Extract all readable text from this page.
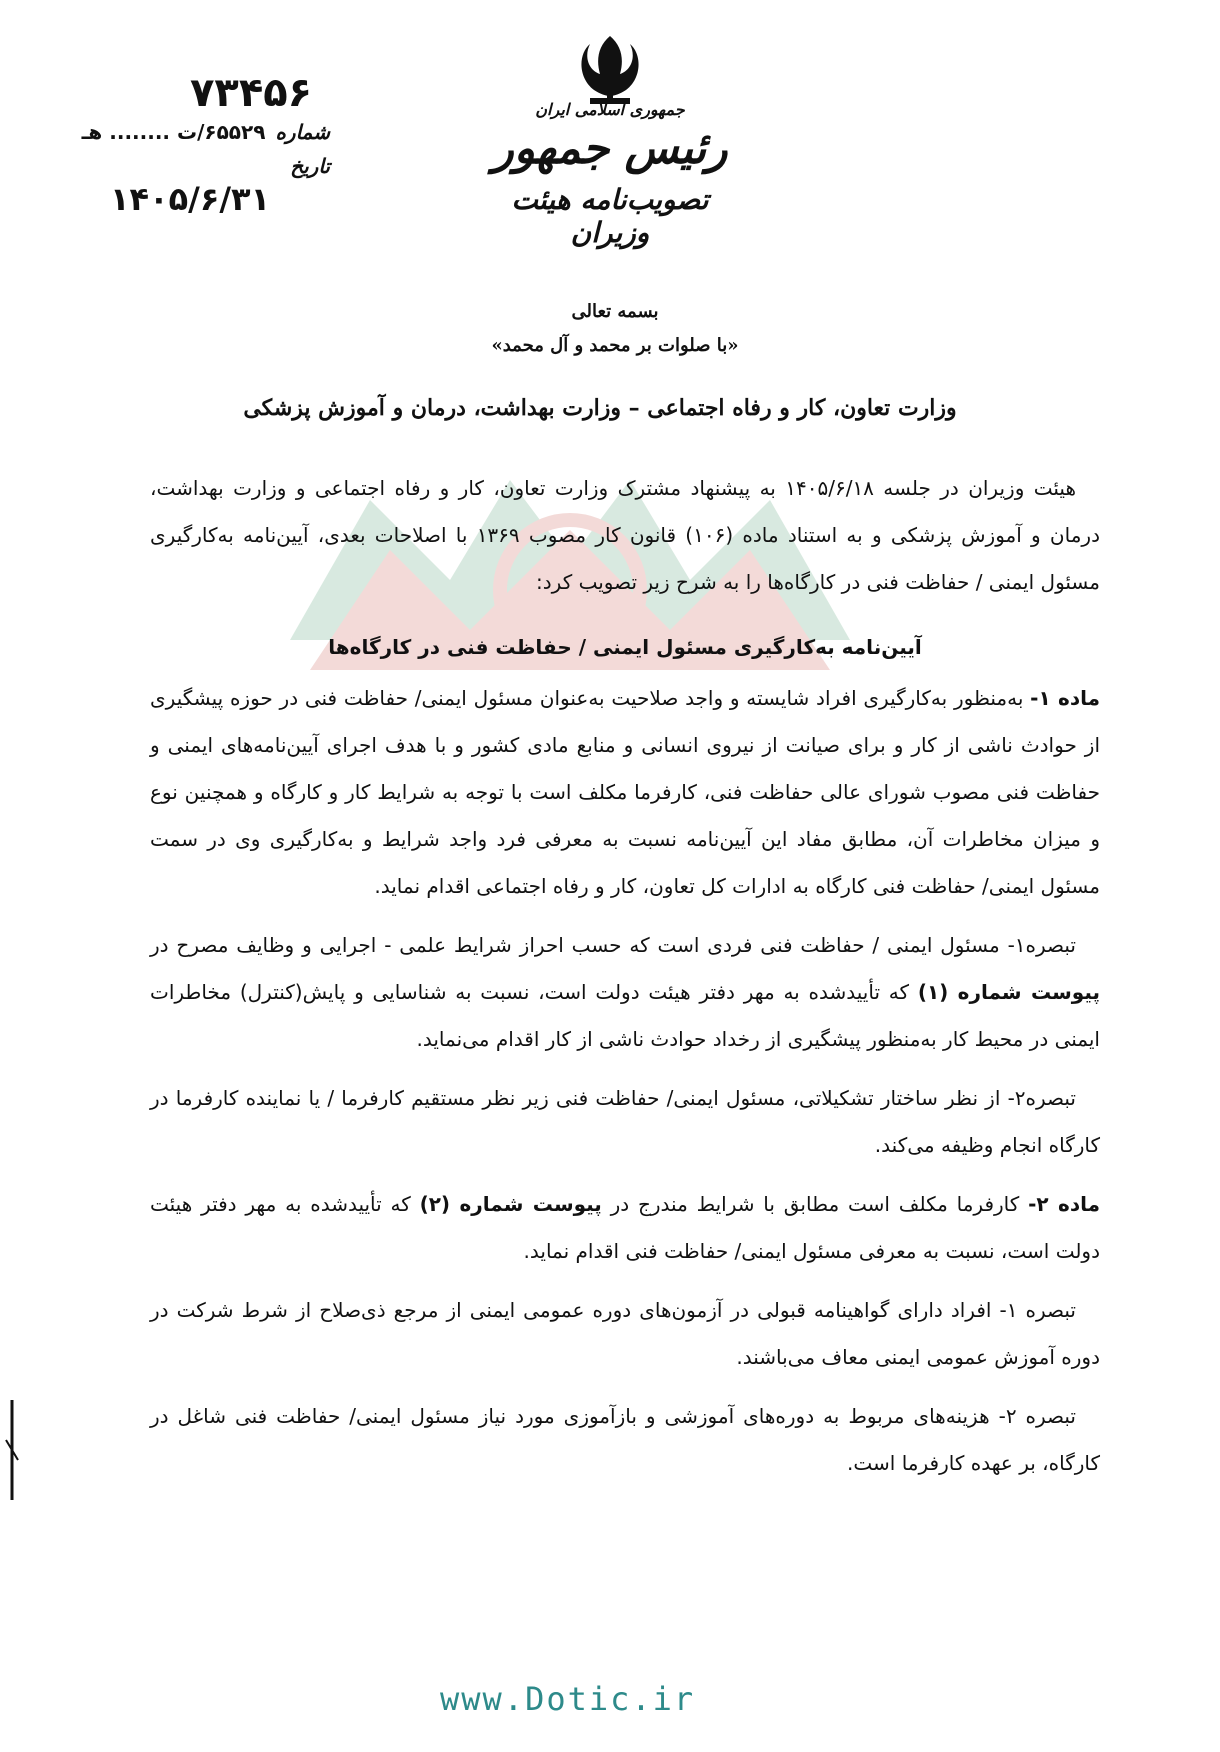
۷۳۴۵۶
شماره
۶۵۵۲۹/ت ........ هـ
تاریخ
۱۴۰۵/۶/۳۱
جمهوری اسلامی ایران
رئیس جمهور
تصویب‌نامه هیئت وزیران
بسمه تعالی
«با صلوات بر محمد و آل محمد»
وزارت تعاون، کار و رفاه اجتماعی – وزارت بهداشت، درمان و آموزش پزشکی

هیئت وزیران در جلسه ۱۴۰۵/۶/۱۸ به پیشنهاد مشترک وزارت تعاون، کار و رفاه اجتماعی و وزارت بهداشت، درمان و آموزش پزشکی و به استناد ماده (۱۰۶) قانون کار مصوب ۱۳۶۹ با اصلاحات بعدی، آیین‌نامه به‌کارگیری مسئول ایمنی / حفاظت فنی در کارگاه‌ها را به شرح زیر تصویب کرد:

آیین‌نامه به‌کارگیری مسئول ایمنی / حفاظت فنی در کارگاه‌ها

ماده ۱- به‌منظور به‌کارگیری افراد شایسته و واجد صلاحیت به‌عنوان مسئول ایمنی/ حفاظت فنی در حوزه پیشگیری از حوادث ناشی از کار و برای صیانت از نیروی انسانی و منابع مادی کشور و با هدف اجرای آیین‌نامه‌های ایمنی و حفاظت فنی مصوب شورای عالی حفاظت فنی، کارفرما مکلف است با توجه به شرایط کار و کارگاه و همچنین نوع و میزان مخاطرات آن، مطابق مفاد این آیین‌نامه نسبت به معرفی فرد واجد شرایط و به‌کارگیری وی در سمت مسئول ایمنی/ حفاظت فنی کارگاه به ادارات کل تعاون، کار و رفاه اجتماعی اقدام نماید.

تبصره۱- مسئول ایمنی / حفاظت فنی فردی است که حسب احراز شرایط علمی - اجرایی و وظایف مصرح در پیوست شماره (۱) که تأییدشده به مهر دفتر هیئت دولت است، نسبت به شناسایی و پایش(کنترل) مخاطرات ایمنی در محیط کار به‌منظور پیشگیری از رخداد حوادث ناشی از کار اقدام می‌نماید.

تبصره۲- از نظر ساختار تشکیلاتی، مسئول ایمنی/ حفاظت فنی زیر نظر مستقیم کارفرما / یا نماینده کارفرما در کارگاه انجام وظیفه می‌کند.

ماده ۲- کارفرما مکلف است مطابق با شرایط مندرج در پیوست شماره (۲) که تأییدشده به مهر دفتر هیئت دولت است، نسبت به معرفی مسئول ایمنی/ حفاظت فنی اقدام نماید.

تبصره ۱- افراد دارای گواهینامه قبولی در آزمون‌های دوره عمومی ایمنی از مرجع ذی‌صلاح از شرط شرکت در دوره آموزش عمومی ایمنی معاف می‌باشند.

تبصره ۲- هزینه‌های مربوط به دوره‌های آموزشی و بازآموزی مورد نیاز مسئول ایمنی/ حفاظت فنی شاغل در کارگاه، بر عهده کارفرما است.

www.Dotic.ir
